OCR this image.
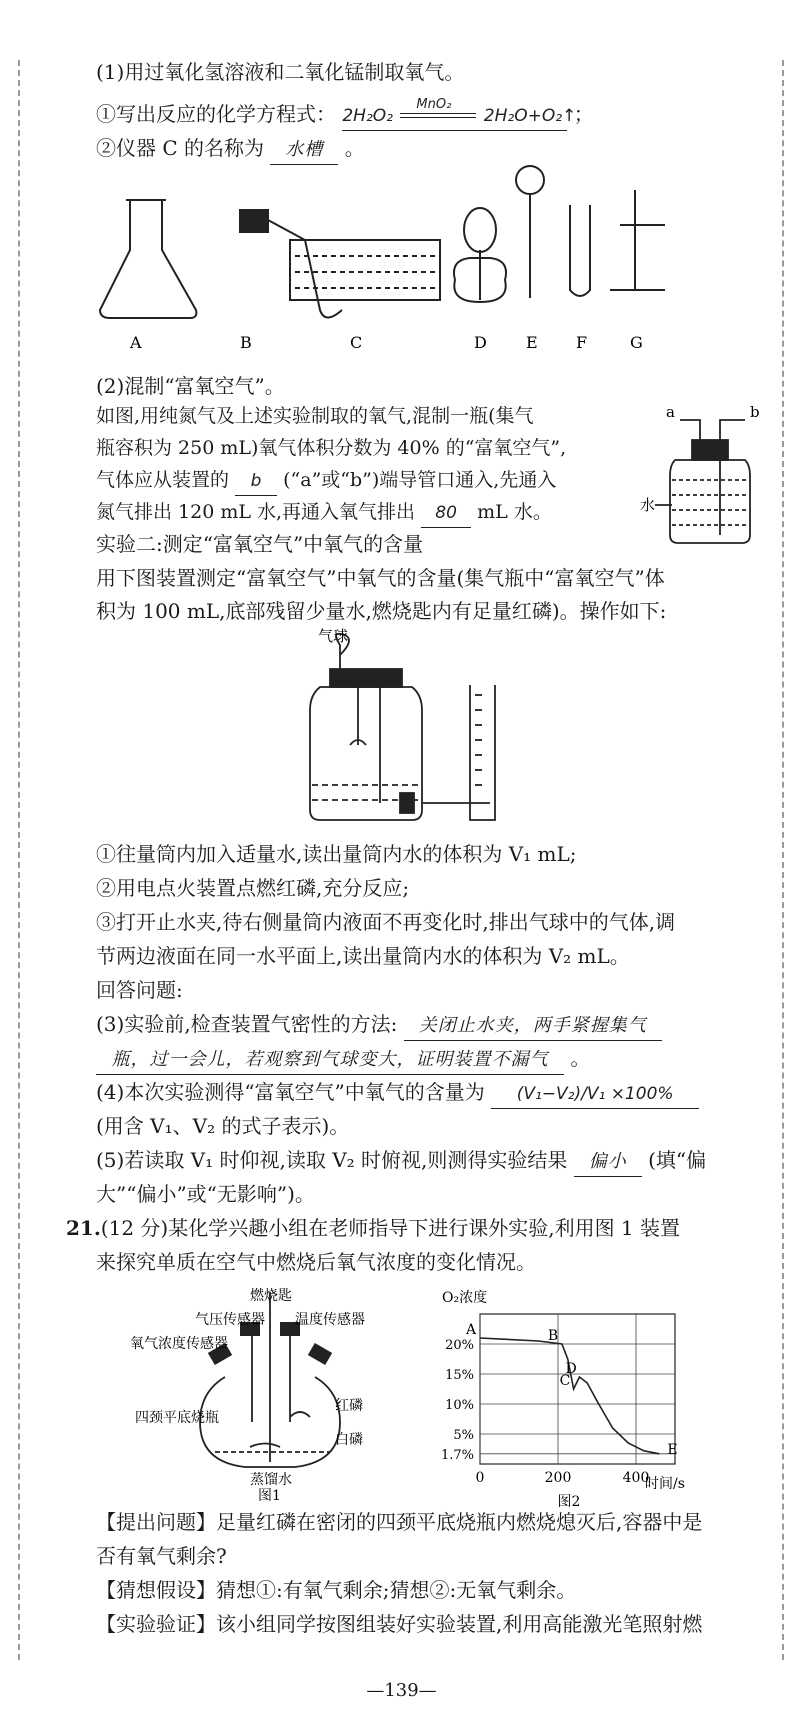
(1)用过氧化氢溶液和二氧化锰制取氧气。
①写出反应的化学方程式： 2H₂O₂
MnO₂
2H₂O+O₂↑ ；
②仪器 C 的名称为 水槽 。
A	B	C	D E F	G
(2)混制“富氧空气”。
如图,用纯氮气及上述实验制取的氧气,混制一瓶(集气
瓶容积为 250 mL)氧气体积分数为 40% 的“富氧空气”,
气体应从装置的 b (“a”或“b”)端导管口通入,先通入
氮气排出 120 mL 水,再通入氧气排出 80 mL 水。
a	b
水
实验二:测定“富氧空气”中氧气的含量
用下图装置测定“富氧空气”中氧气的含量(集气瓶中“富氧空气”体
积为 100 mL,底部残留少量水,燃烧匙内有足量红磷)。操作如下:
气球
①往量筒内加入适量水,读出量筒内水的体积为 V₁ mL;
②用电点火装置点燃红磷,充分反应;
③打开止水夹,待右侧量筒内液面不再变化时,排出气球中的气体,调
节两边液面在同一水平面上,读出量筒内水的体积为 V₂ mL。
回答问题:
(3)实验前,检查装置气密性的方法: 关闭止水夹，两手紧握集气
瓶，过一会儿，若观察到气球变大，证明装置不漏气 。
(4)本次实验测得“富氧空气”中氧气的含量为 (V₁−V₂)/V₁ ×100%
(用含 V₁、V₂ 的式子表示)。
(5)若读取 V₁ 时仰视,读取 V₂ 时俯视,则测得实验结果 偏小 (填“偏
大”“偏小”或“无影响”)。
21.(12 分)某化学兴趣小组在老师指导下进行课外实验,利用图 1 装置
来探究单质在空气中燃烧后氧气浓度的变化情况。
燃烧匙
气压传感器 温度传感器
氧气浓度传感器
红磷
四颈平底烧瓶
白磷
蒸馏水
图1
0	200	400
1.7%
5%
10%
15%
20%
O₂浓度
时间/s
图2
A	B
C
D
E
【提出问题】足量红磷在密闭的四颈平底烧瓶内燃烧熄灭后,容器中是
否有氧气剩余?
【猜想假设】猜想①:有氧气剩余;猜想②:无氧气剩余。
【实验验证】该小组同学按图组装好实验装置,利用高能激光笔照射燃
—139—
